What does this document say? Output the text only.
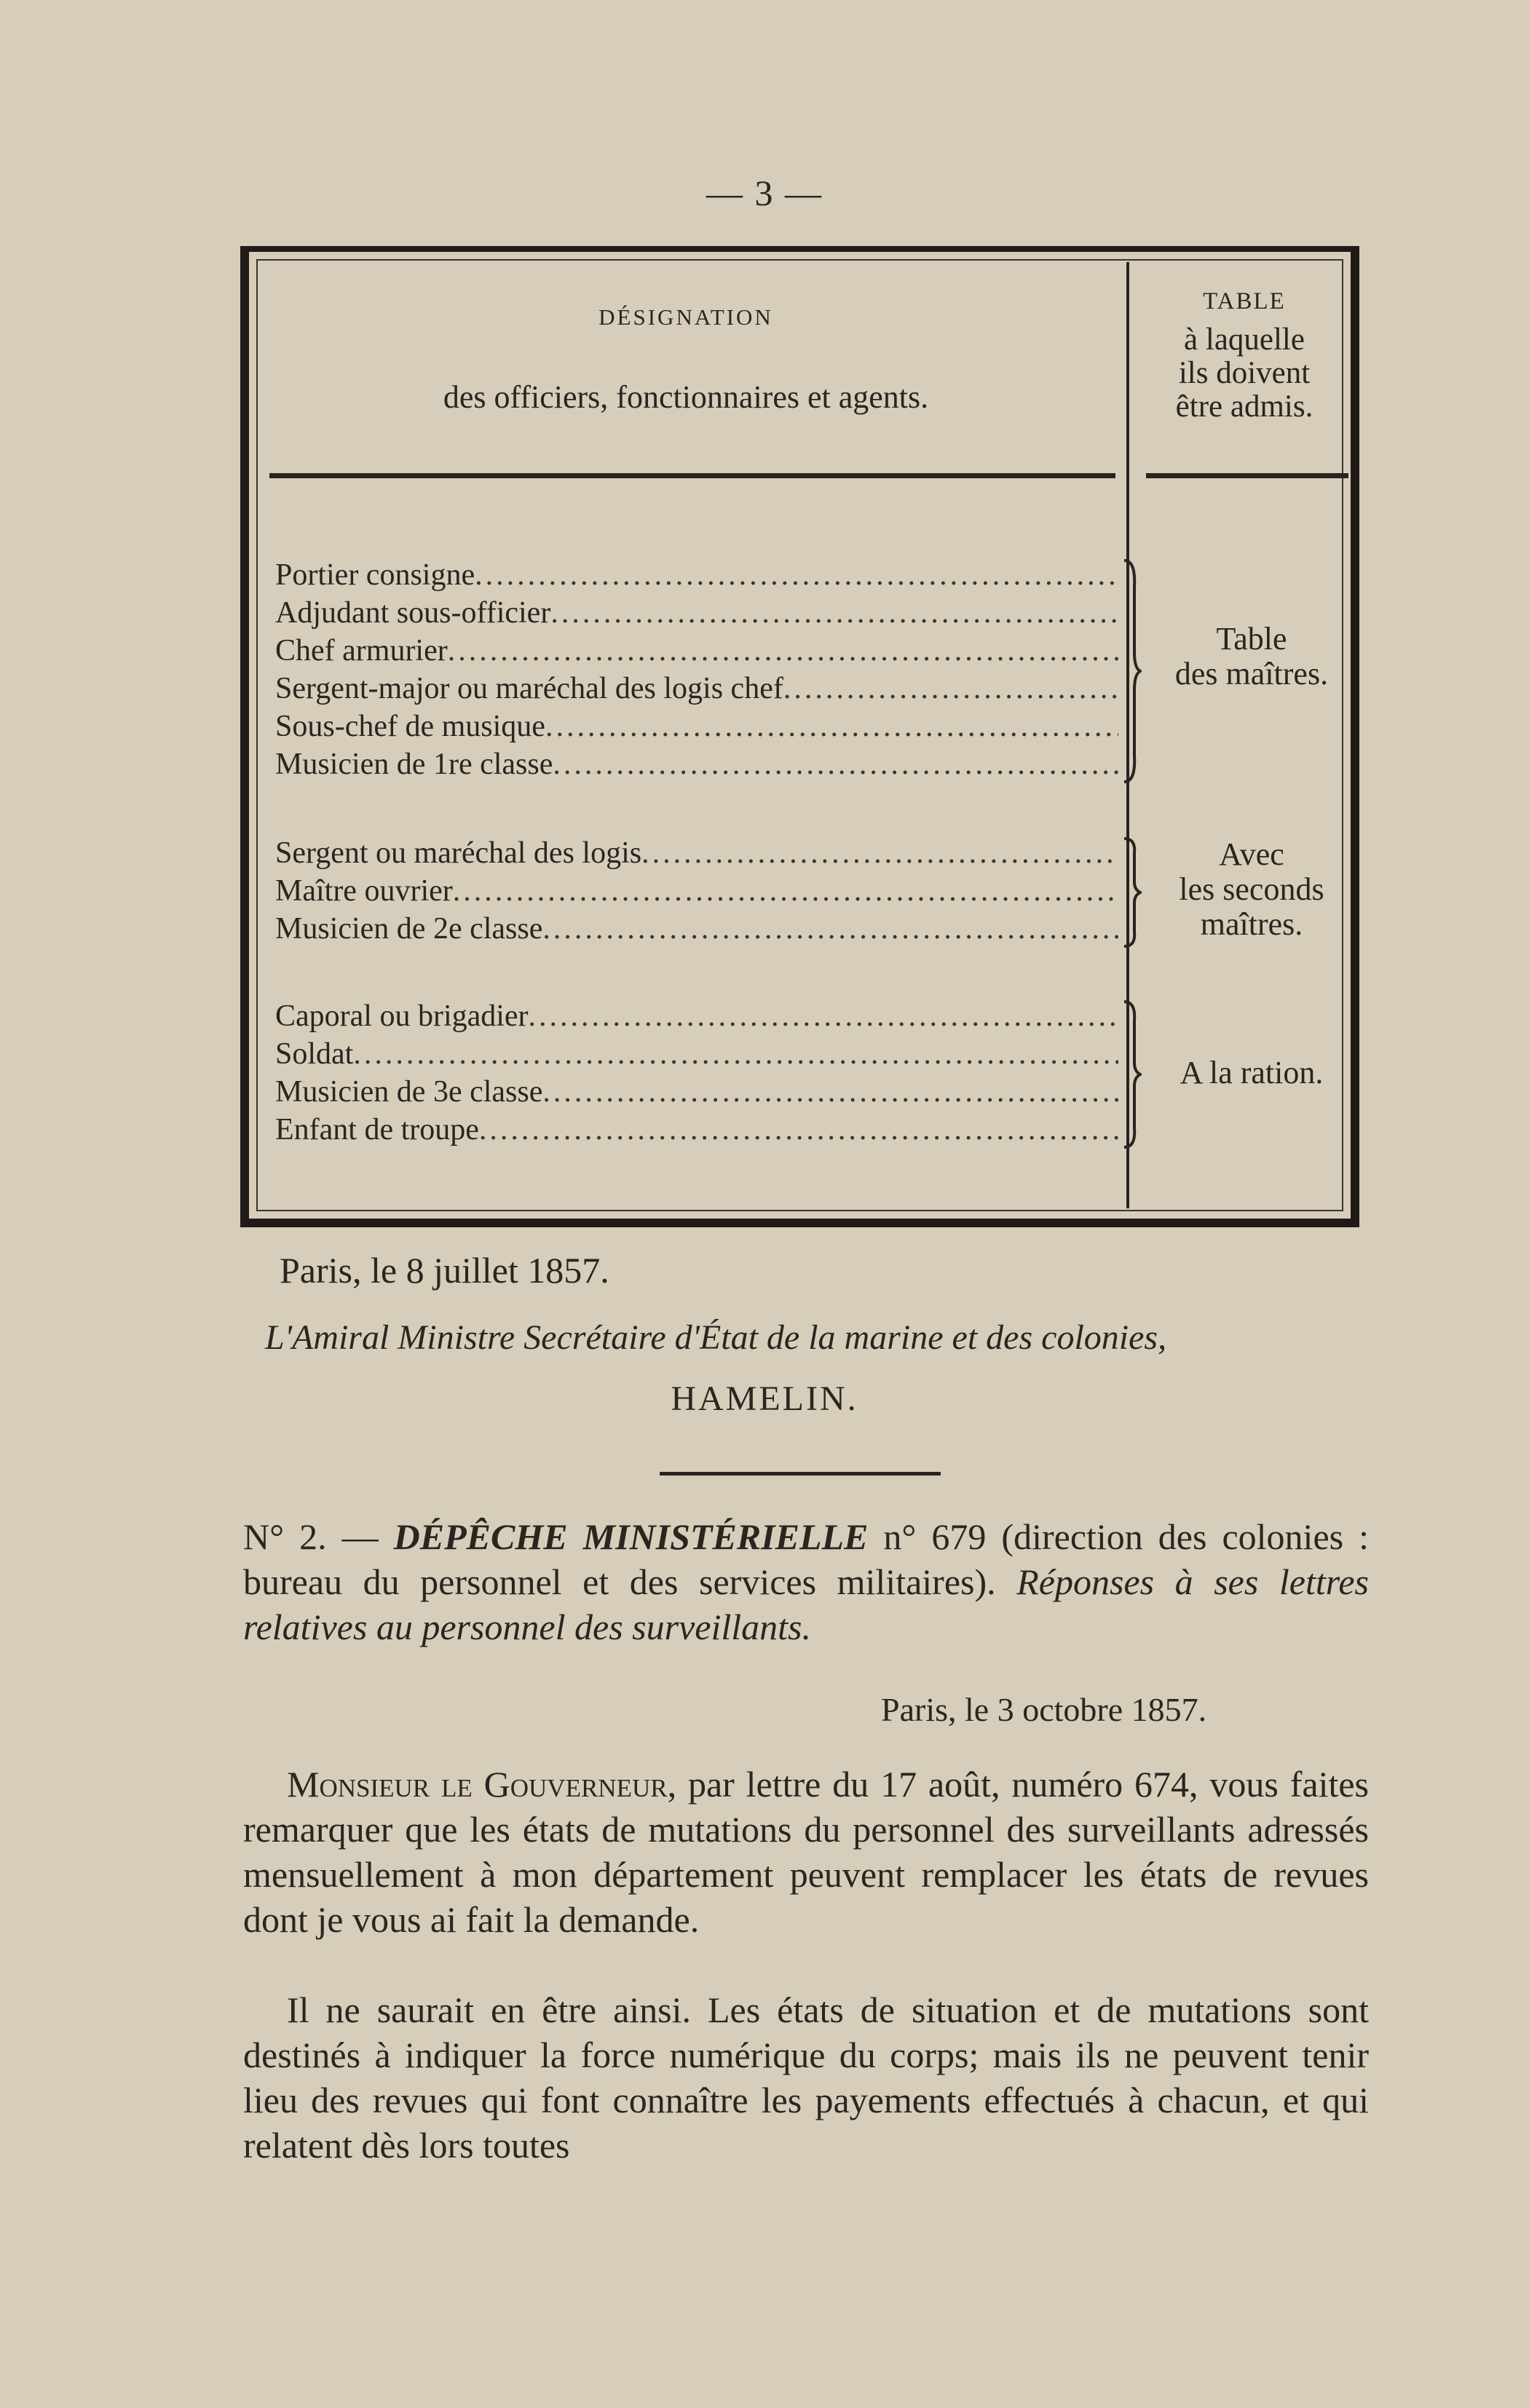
— 3 —
DÉSIGNATION
des officiers, fonctionnaires et agents.
TABLE
à laquelle
ils doivent
être admis.
Portier consigne
.....
Adjudant sous-officier
.....
Chef armurier
.....
Sergent-major ou maréchal des logis chef
.....
Sous-chef de musique
.....
Musicien de 1re classe
.....
Table
des maîtres.
Sergent ou maréchal des logis
.....
Maître ouvrier
.....
Musicien de 2e classe
.....
Avec
les seconds
maîtres.
Caporal ou brigadier
.....
Soldat
.....
Musicien de 3e classe
.....
Enfant de troupe
.....
A la ration.
Paris, le 8 juillet 1857.
L'Amiral Ministre Secrétaire d'État de la marine et des colonies,
HAMELIN.
N° 2. — DÉPÊCHE MINISTÉRIELLE n° 679 (direction des colonies : bureau du personnel et des services militaires). Réponses à ses lettres relatives au personnel des surveillants.
Paris, le 3 octobre 1857.
Monsieur le Gouverneur, par lettre du 17 août, numéro 674, vous faites remarquer que les états de mutations du personnel des surveillants adressés mensuellement à mon département peuvent remplacer les états de revues dont je vous ai fait la demande.
Il ne saurait en être ainsi. Les états de situation et de mutations sont destinés à indiquer la force numérique du corps; mais ils ne peuvent tenir lieu des revues qui font connaître les payements effectués à chacun, et qui relatent dès lors toutes
